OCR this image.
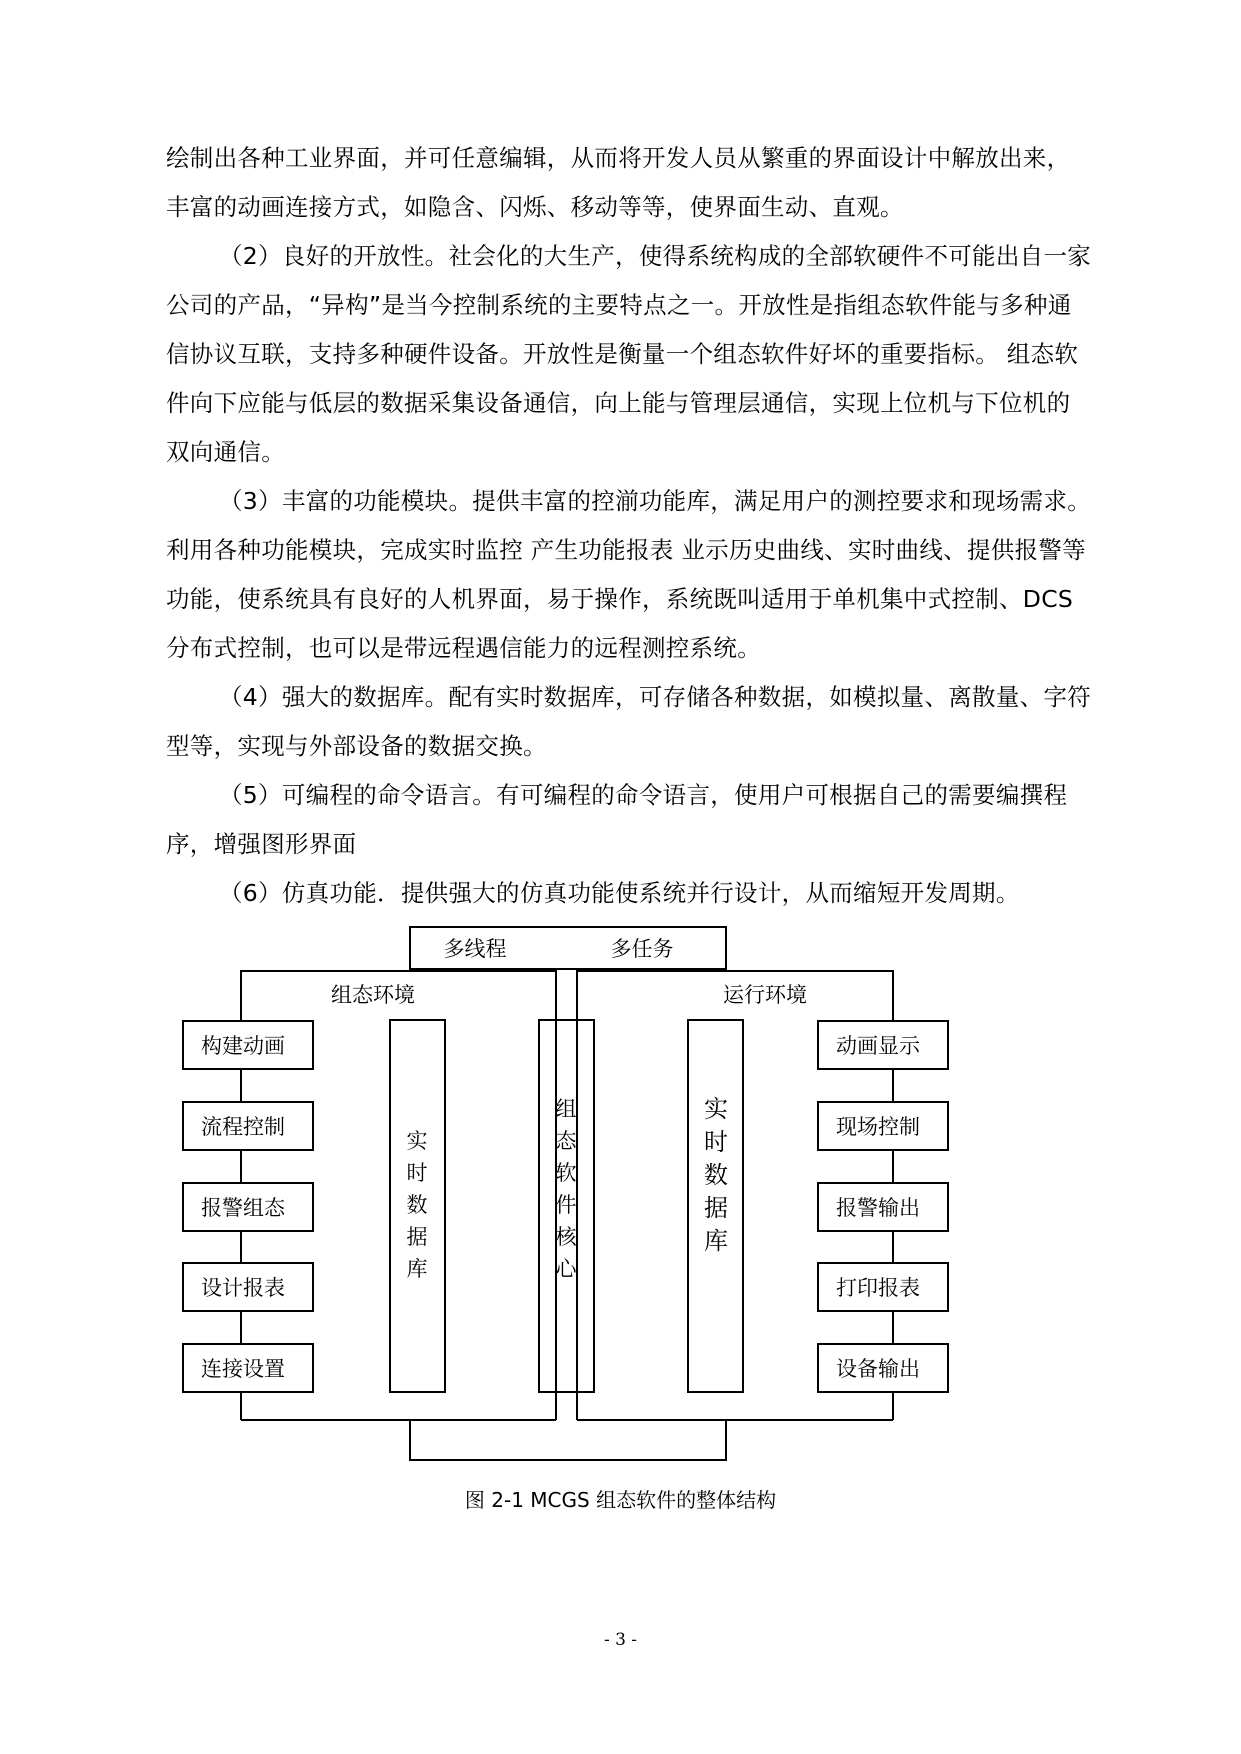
绘制出各种工业界面，并可任意编辑，从而将开发人员从繁重的界面设计中解放出来，丰富的动画连接方式，如隐含、闪烁、移动等等，使界面生动、直观。

（2）良好的开放性。社会化的大生产，使得系统构成的全部软硬件不可能出自一家公司的产品，“异构”是当今控制系统的主要特点之一。开放性是指组态软件能与多种通信协议互联，支持多种硬件设备。开放性是衡量一个组态软件好坏的重要指标。 组态软件向下应能与低层的数据采集设备通信，向上能与管理层通信，实现上位机与下位机的双向通信。

（3）丰富的功能模块。提供丰富的控湔功能库，满足用户的测控要求和现场需求。利用各种功能模块，完成实时监控 产生功能报表 业示历史曲线、实时曲线、提供报警等功能，使系统具有良好的人机界面，易于操作，系统既叫适用于单机集中式控制、DCS 分布式控制，也可以是带远程遇信能力的远程测控系统。

（4）强大的数据库。配有实时数据库，可存储各种数据，如模拟量、离散量、字符型等，实现与外部设备的数据交换。

（5）可编程的命令语言。有可编程的命令语言，使用户可根据自己的需要编撰程序，增强图形界面

（6）仿真功能．提供强大的仿真功能使系统并行设计，从而缩短开发周期。

多线程	多任务
组态环境	运行环境
构建动画
流程控制
报警组态
设计报表
连接设置
动画显示
现场控制
报警输出
打印报表
设备输出
实
时
数
据
库
组
态
软
件
核
心
实
时
数
据
库
图 2-1 MCGS 组态软件的整体结构
- 3 -
